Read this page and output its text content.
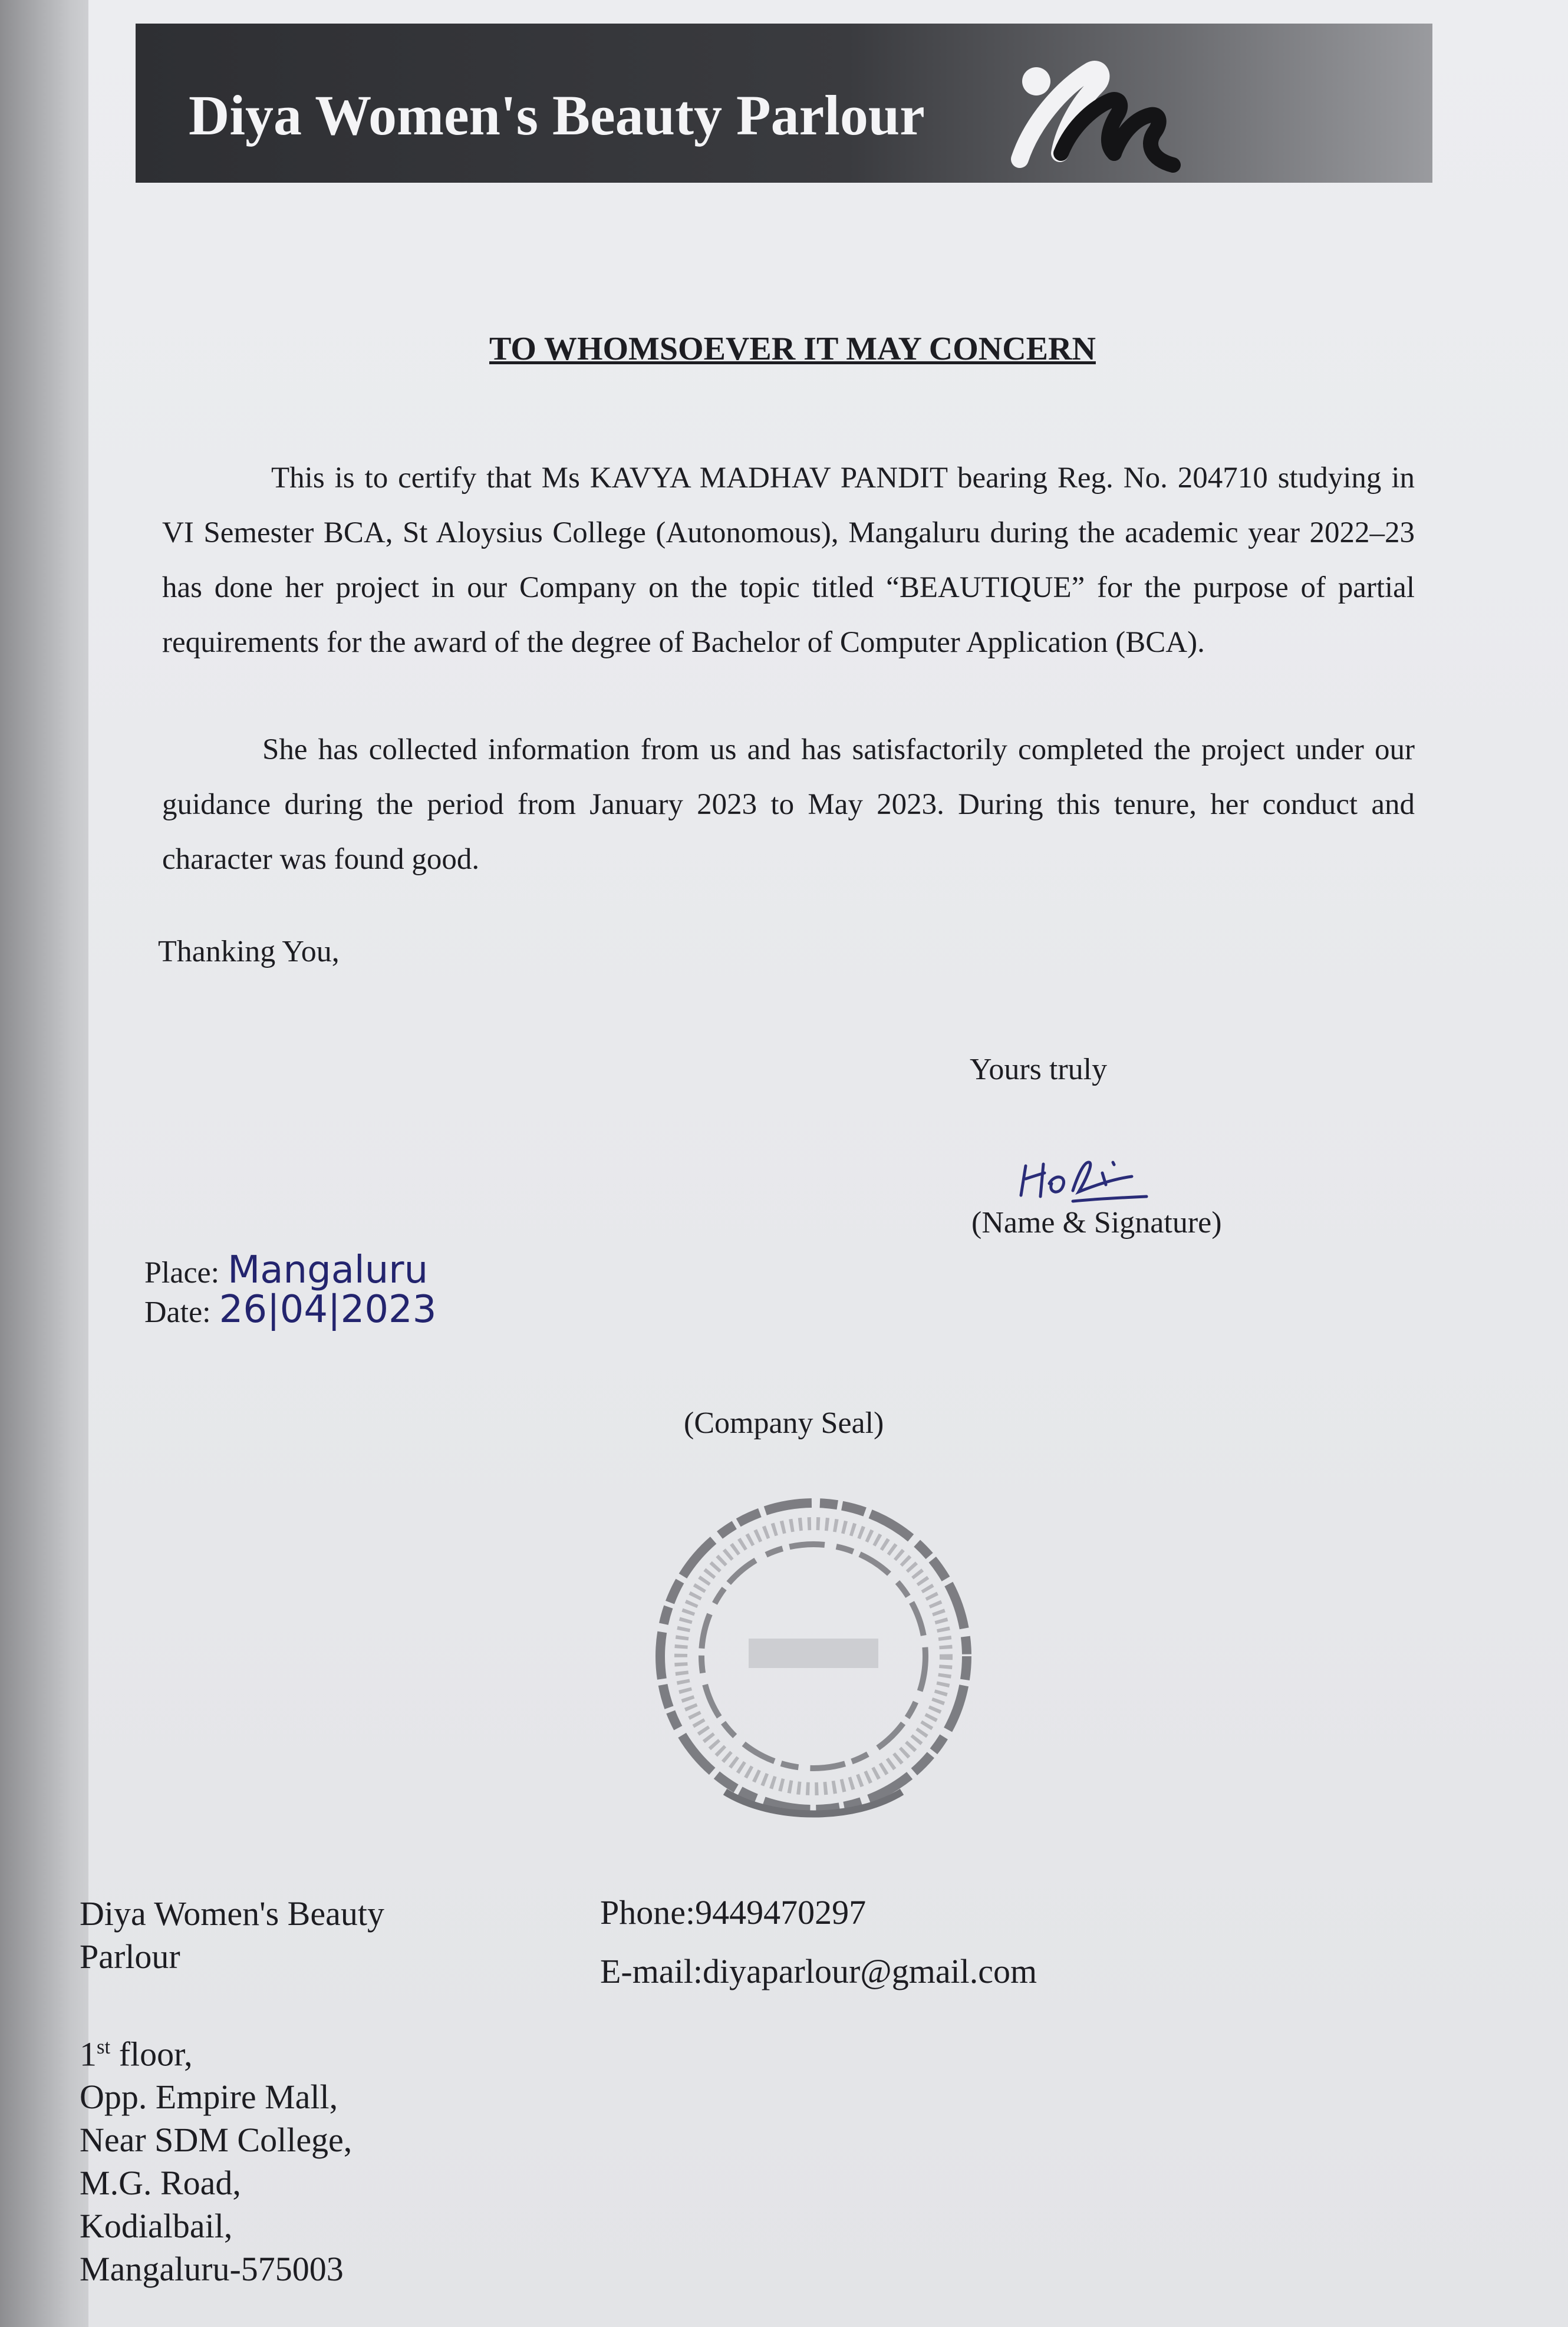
Diya Women's Beauty Parlour
TO WHOMSOEVER IT MAY CONCERN

This is to certify that Ms KAVYA MADHAV PANDIT bearing Reg. No. 204710 studying in VI Semester BCA, St Aloysius College (Autonomous), Mangaluru during the academic year 2022–23 has done her project in our Company on the topic titled “BEAUTIQUE” for the purpose of partial requirements for the award of the degree of Bachelor of Computer Application (BCA).

She has collected information from us and has satisfactorily completed the project under our guidance during the period from January 2023 to May 2023. During this tenure, her conduct and character was found good.

Thanking You,
Yours truly
(Name & Signature)
Place: Mangaluru
Date: 26|04|2023
(Company Seal)
Diya Women's Beauty
Parlour
1st floor,
Opp. Empire Mall,
Near SDM College,
M.G. Road,
Kodialbail,
Mangaluru-575003
Phone:9449470297
E-mail:diyaparlour@gmail.com
